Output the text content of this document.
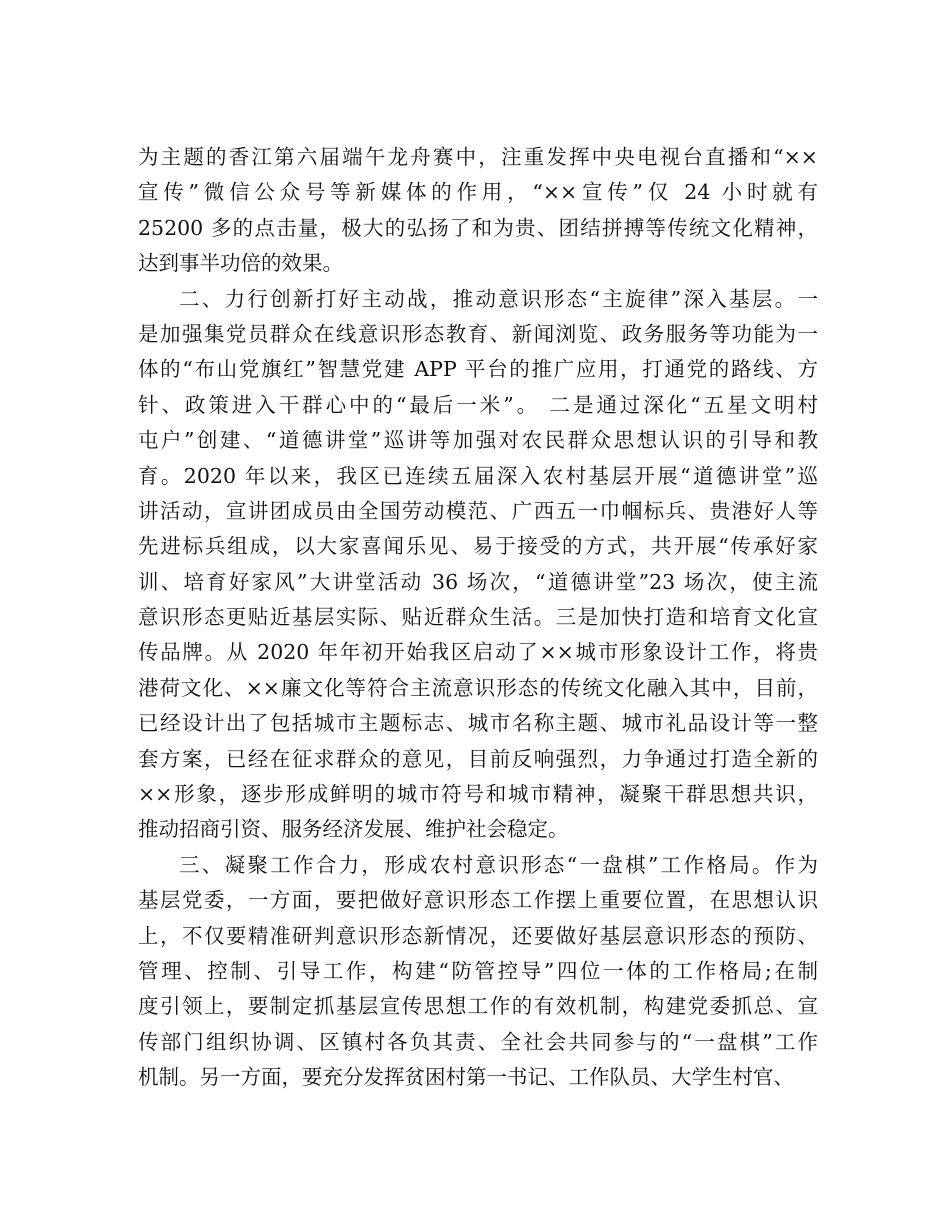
为主题的香江第六届端午龙舟赛中，注重发挥中央电视台直播和“××
宣传”微信公众号等新媒体的作用，“××宣传”仅 24 小时就有
25200 多的点击量，极大的弘扬了和为贵、团结拼搏等传统文化精神，
达到事半功倍的效果。
二、力行创新打好主动战，推动意识形态“主旋律”深入基层。一
是加强集党员群众在线意识形态教育、新闻浏览、政务服务等功能为一
体的“布山党旗红”智慧党建 APP 平台的推广应用，打通党的路线、方
针、政策进入干群心中的“最后一米”。 二是通过深化“五星文明村
屯户”创建、“道德讲堂”巡讲等加强对农民群众思想认识的引导和教
育。2020 年以来，我区已连续五届深入农村基层开展“道德讲堂”巡
讲活动，宣讲团成员由全国劳动模范、广西五一巾帼标兵、贵港好人等
先进标兵组成，以大家喜闻乐见、易于接受的方式，共开展“传承好家
训、培育好家风”大讲堂活动 36 场次，“道德讲堂”23 场次，使主流
意识形态更贴近基层实际、贴近群众生活。三是加快打造和培育文化宣
传品牌。从 2020 年年初开始我区启动了××城市形象设计工作，将贵
港荷文化、××廉文化等符合主流意识形态的传统文化融入其中，目前，
已经设计出了包括城市主题标志、城市名称主题、城市礼品设计等一整
套方案，已经在征求群众的意见，目前反响强烈，力争通过打造全新的
××形象，逐步形成鲜明的城市符号和城市精神，凝聚干群思想共识，
推动招商引资、服务经济发展、维护社会稳定。
三、凝聚工作合力，形成农村意识形态“一盘棋”工作格局。作为
基层党委，一方面，要把做好意识形态工作摆上重要位置，在思想认识
上，不仅要精准研判意识形态新情况，还要做好基层意识形态的预防、
管理、控制、引导工作，构建“防管控导”四位一体的工作格局;在制
度引领上，要制定抓基层宣传思想工作的有效机制，构建党委抓总、宣
传部门组织协调、区镇村各负其责、全社会共同参与的“一盘棋”工作
机制。另一方面，要充分发挥贫困村第一书记、工作队员、大学生村官、
